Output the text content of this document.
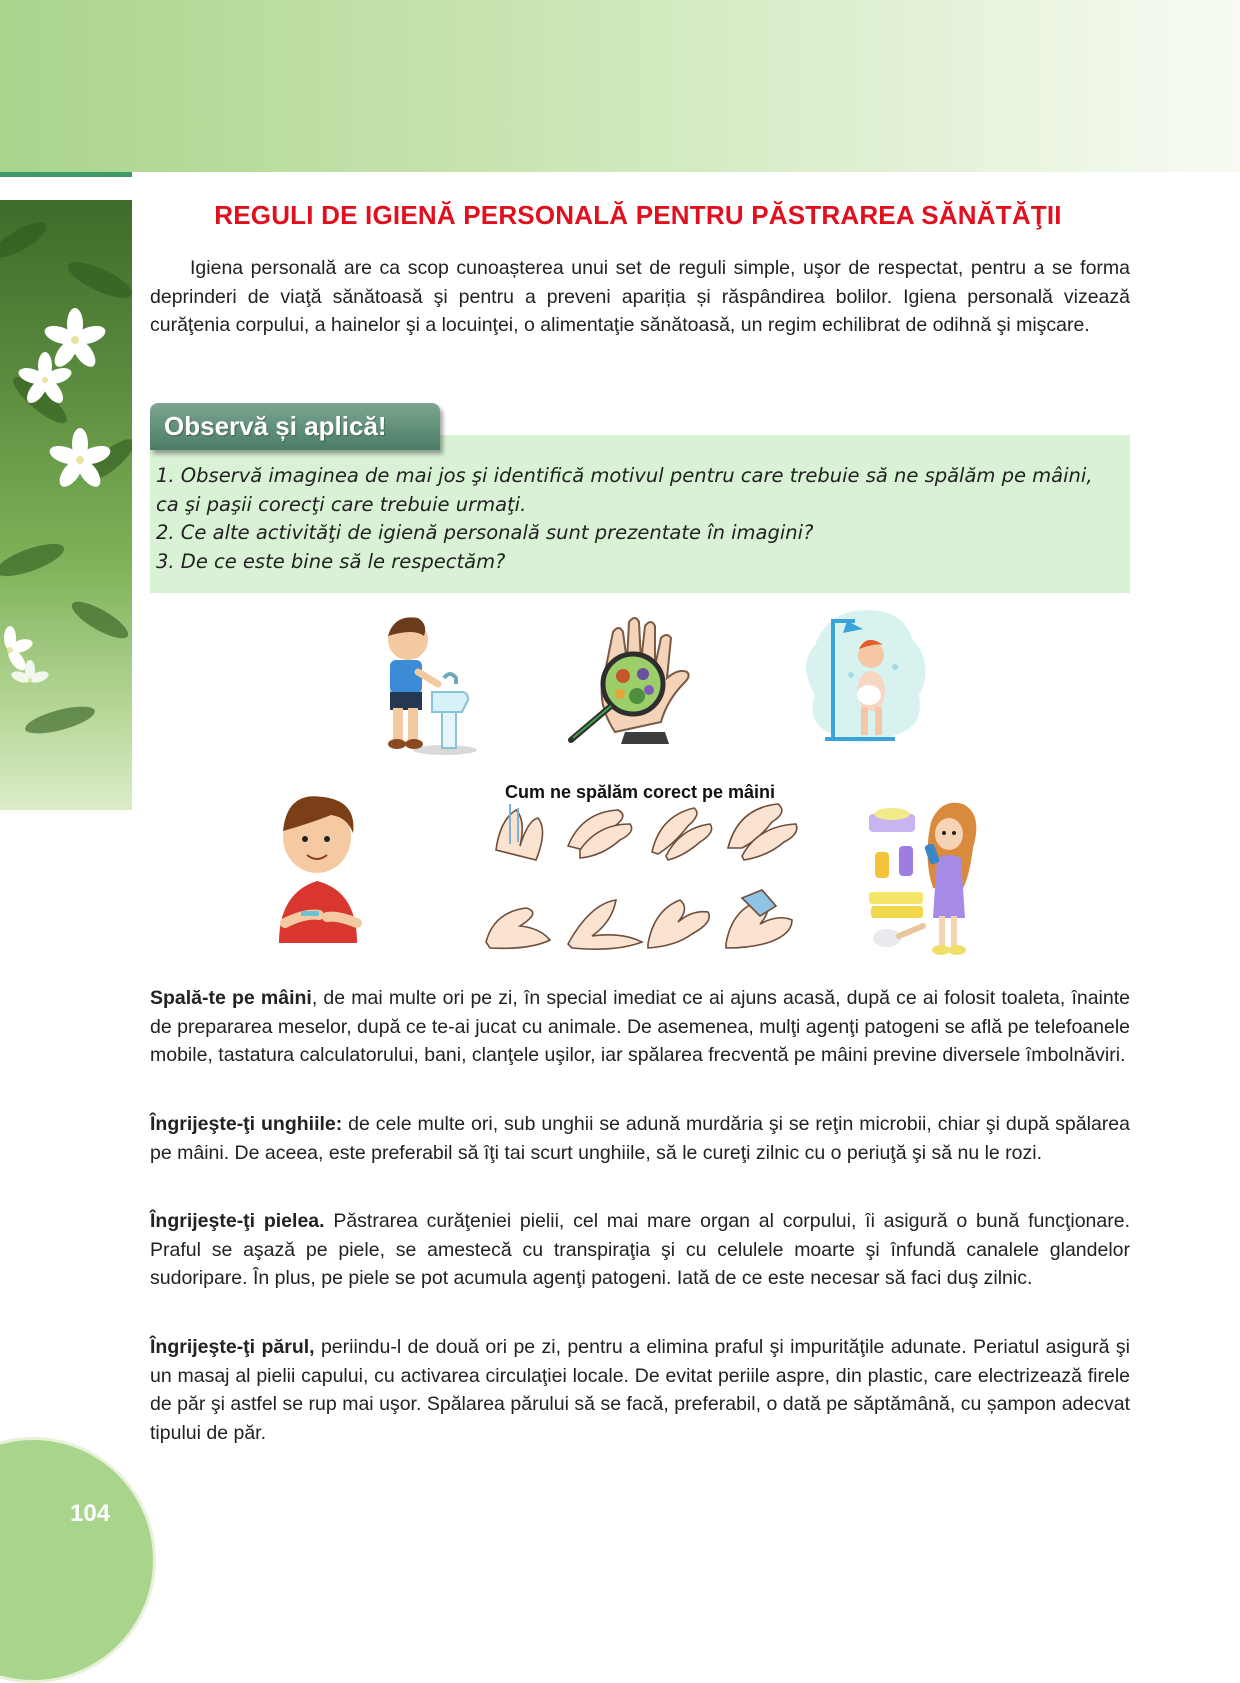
104
REGULI DE IGIENĂ PERSONALĂ PENTRU PĂSTRAREA SĂNĂTĂŢII

Igiena personală are ca scop cunoașterea unui set de reguli simple, uşor de respectat, pentru a se forma deprinderi de viaţă sănătoasă şi pentru a preveni apariția și răspândirea bolilor. Igiena personală vizează curăţenia corpului, a hainelor şi a locuinţei, o alimentaţie sănătoasă, un regim echilibrat de odihnă şi mişcare.

Observă și aplică!
1. Observă imaginea de mai jos şi identifică motivul pentru care trebuie să ne spălăm pe mâini, ca şi paşii corecţi care trebuie urmaţi.
2. Ce alte activităţi de igienă personală sunt prezentate în imagini?
3. De ce este bine să le respectăm?
Cum ne spălăm corect pe mâini

Spală-te pe mâini, de mai multe ori pe zi, în special imediat ce ai ajuns acasă, după ce ai folosit toaleta, înainte de prepararea meselor, după ce te-ai jucat cu animale. De asemenea, mulţi agenţi patogeni se află pe telefoanele mobile, tastatura calculatorului, bani, clanţele uşilor, iar spălarea frecventă pe mâini previne diversele îmbolnăviri.

Îngrijeşte-ţi unghiile: de cele multe ori, sub unghii se adună murdăria şi se reţin microbii, chiar şi după spălarea pe mâini. De aceea, este preferabil să îţi tai scurt unghiile, să le cureţi zilnic cu o periuţă şi să nu le rozi.

Îngrijeşte-ţi pielea. Păstrarea curăţeniei pielii, cel mai mare organ al corpului, îi asigură o bună funcţionare. Praful se aşază pe piele, se amestecă cu transpiraţia şi cu celulele moarte şi înfundă canalele glandelor sudoripare. În plus, pe piele se pot acumula agenţi patogeni. Iată de ce este necesar să faci duş zilnic.

Îngrijeşte-ţi părul, periindu-l de două ori pe zi, pentru a elimina praful şi impurităţile adunate. Periatul asigură şi un masaj al pielii capului, cu activarea circulaţiei locale. De evitat periile aspre, din plastic, care electrizează firele de păr şi astfel se rup mai uşor. Spălarea părului să se facă, preferabil, o dată pe săptămână, cu șampon adecvat tipului de păr.
